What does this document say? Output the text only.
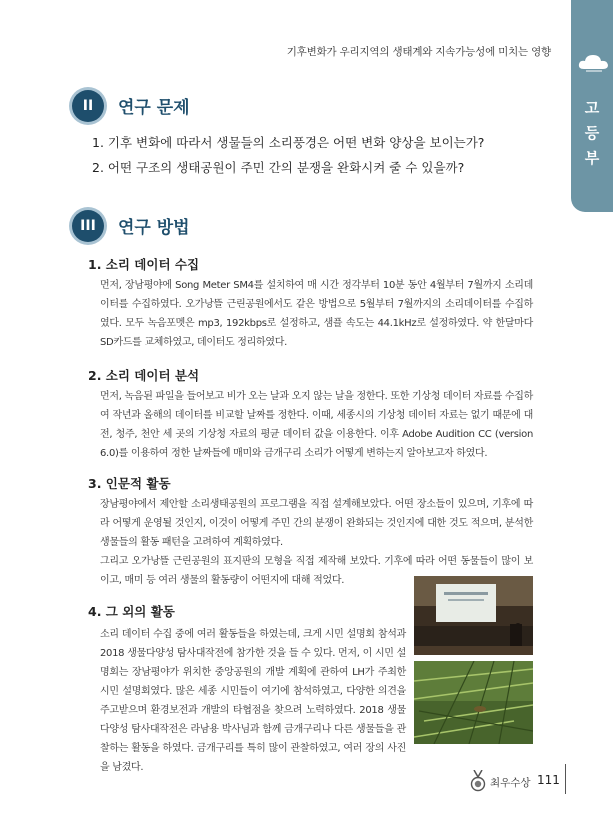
기후변화가 우리지역의 생태계와 지속가능성에 미치는 영향
고
등
부
II	연구 문제
1. 기후 변화에 따라서 생물들의 소리풍경은 어떤 변화 양상을 보이는가?
2. 어떤 구조의 생태공원이 주민 간의 분쟁을 완화시켜 줄 수 있을까?
III	연구 방법
1. 소리 데이터 수집
먼저, 장남평야에 Song Meter SM4를 설치하여 매 시간 정각부터 10분 동안 4월부터 7월까지 소리데이터를 수집하였다. 오가낭뜰 근린공원에서도 같은 방법으로 5월부터 7월까지의 소리데이터를 수집하였다. 모두 녹음포멧은 mp3, 192kbps로 설정하고, 샘플 속도는 44.1kHz로 설정하였다. 약 한달마다 SD카드를 교체하였고, 데이터도 정리하였다.
2. 소리 데이터 분석
먼저, 녹음된 파일을 들어보고 비가 오는 날과 오지 않는 날을 정한다. 또한 기상청 데이터 자료를 수집하여 작년과 올해의 데이터를 비교할 날짜를 정한다. 이때, 세종시의 기상청 데이터 자료는 없기 때문에 대전, 청주, 천안 세 곳의 기상청 자료의 평균 데이터 값을 이용한다. 이후 Adobe Audition CC (version 6.0)를 이용하여 정한 날짜들에 매미와 금개구리 소리가 어떻게 변하는지 알아보고자 하였다.
3. 인문적 활동
장남평야에서 제안할 소리생태공원의 프로그램을 직접 설계해보았다. 어떤 장소들이 있으며, 기후에 따라 어떻게 운영될 것인지, 이것이 어떻게 주민 간의 분쟁이 완화되는 것인지에 대한 것도 적으며, 분석한 생물들의 활동 패턴을 고려하여 계획하였다.
그리고 오가낭뜰 근린공원의 표지판의 모형을 직접 제작해 보았다. 기후에 따라 어떤 동물들이 많이 보이고, 매미 등 여러 생물의 활동량이 어떤지에 대해 적었다.
4. 그 외의 활동
소리 데이터 수집 중에 여러 활동들을 하였는데, 크게 시민 설명회 참석과 2018 생물다양성 탐사대작전에 참가한 것을 들 수 있다. 먼저, 이 시민 설명회는 장남평야가 위치한 중앙공원의 개발 계획에 관하여 LH가 주최한 시민 설명회였다. 많은 세종 시민들이 여기에 참석하였고, 다양한 의견을 주고받으며 환경보전과 개발의 타협점을 찾으려 노력하였다. 2018 생물다양성 탐사대작전은 라남용 박사님과 함께 금개구리나 다른 생물들을 관찰하는 활동을 하였다. 금개구리를 특히 많이 관찰하였고, 여러 장의 사진을 남겼다.
최우수상 111
